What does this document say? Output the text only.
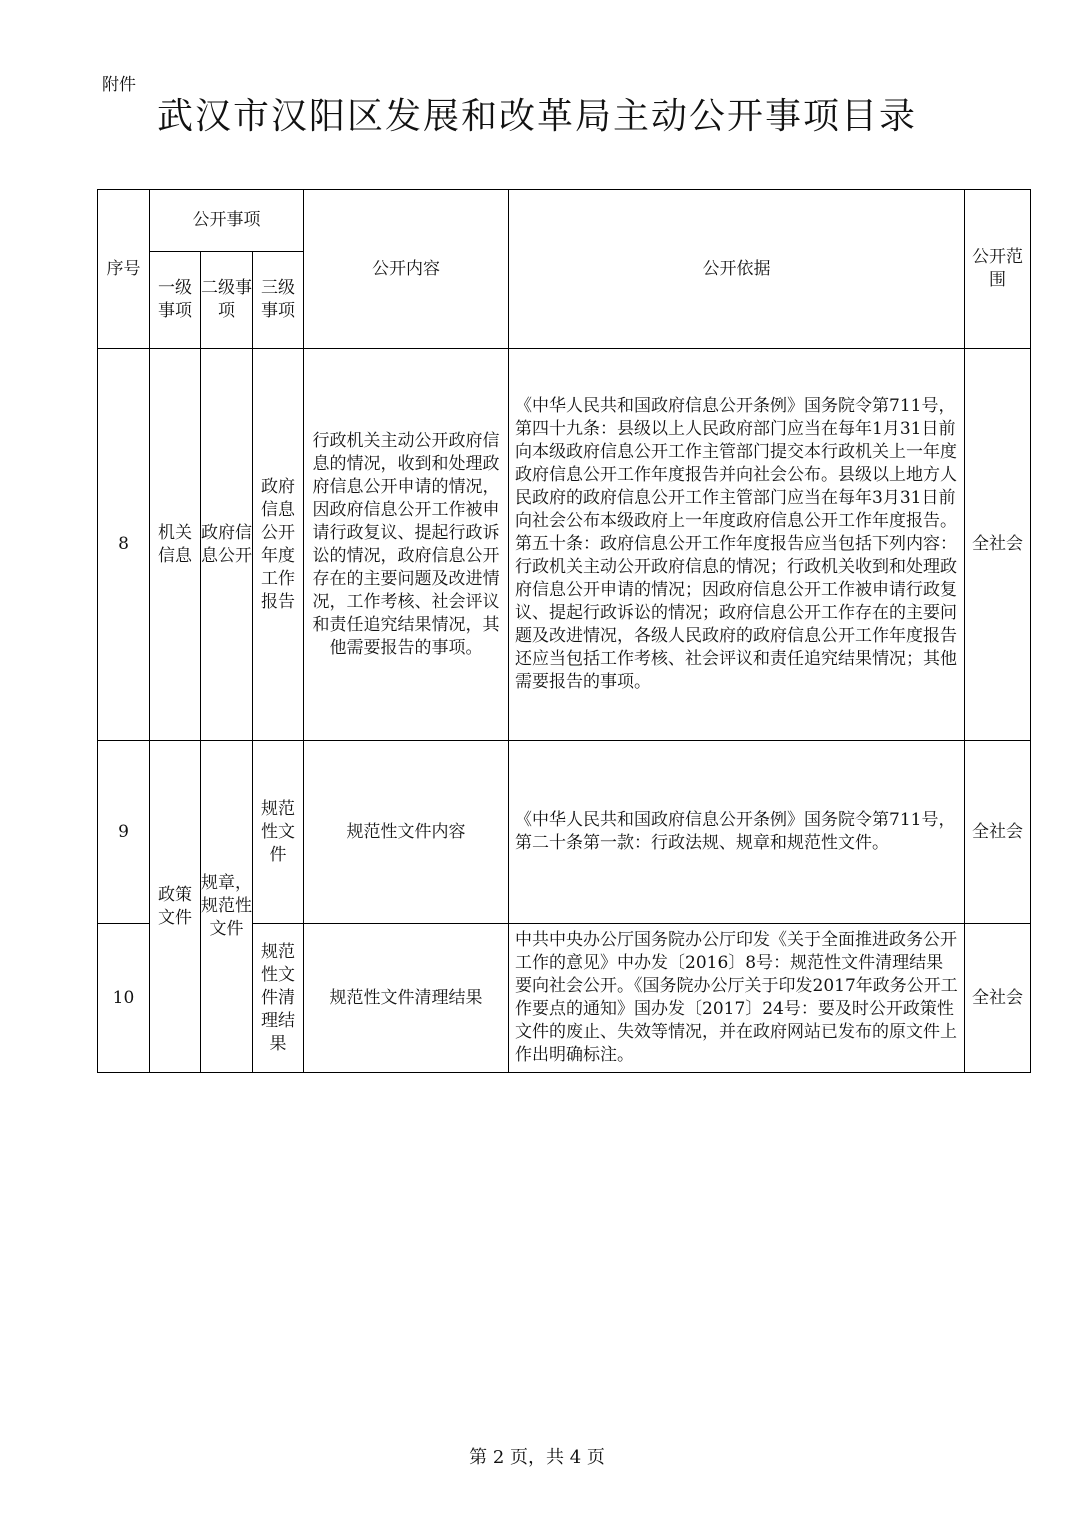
附件
武汉市汉阳区发展和改革局主动公开事项目录
序号	公开事项			公开内容	公开依据	公开范围
	一级事项	二级事项	三级事项			
8	机关信息	政府信息公开	政府信息公开年度工作报告	行政机关主动公开政府信息的情况，收到和处理政府信息公开申请的情况，因政府信息公开工作被申请行政复议、提起行政诉讼的情况，政府信息公开存在的主要问题及改进情况，工作考核、社会评议和责任追究结果情况，其他需要报告的事项。	《中华人民共和国政府信息公开条例》国务院令第711号，第四十九条：县级以上人民政府部门应当在每年1月31日前向本级政府信息公开工作主管部门提交本行政机关上一年度政府信息公开工作年度报告并向社会公布。县级以上地方人民政府的政府信息公开工作主管部门应当在每年3月31日前向社会公布本级政府上一年度政府信息公开工作年度报告。第五十条：政府信息公开工作年度报告应当包括下列内容：行政机关主动公开政府信息的情况；行政机关收到和处理政府信息公开申请的情况；因政府信息公开工作被申请行政复议、提起行政诉讼的情况；政府信息公开工作存在的主要问题及改进情况，各级人民政府的政府信息公开工作年度报告还应当包括工作考核、社会评议和责任追究结果情况；其他需要报告的事项。	全社会
9	政策文件	规章，规范性文件	规范性文件	规范性文件内容	《中华人民共和国政府信息公开条例》国务院令第711号，第二十条第一款：行政法规、规章和规范性文件。	全社会
10			规范性文件清理结果	规范性文件清理结果	中共中央办公厅国务院办公厅印发《关于全面推进政务公开工作的意见》中办发〔2016〕8号：规范性文件清理结果要向社会公开。《国务院办公厅关于印发2017年政务公开工作要点的通知》国办发〔2017〕24号：要及时公开政策性文件的废止、失效等情况，并在政府网站已发布的原文件上作出明确标注。	全社会
第 2 页，共 4 页
